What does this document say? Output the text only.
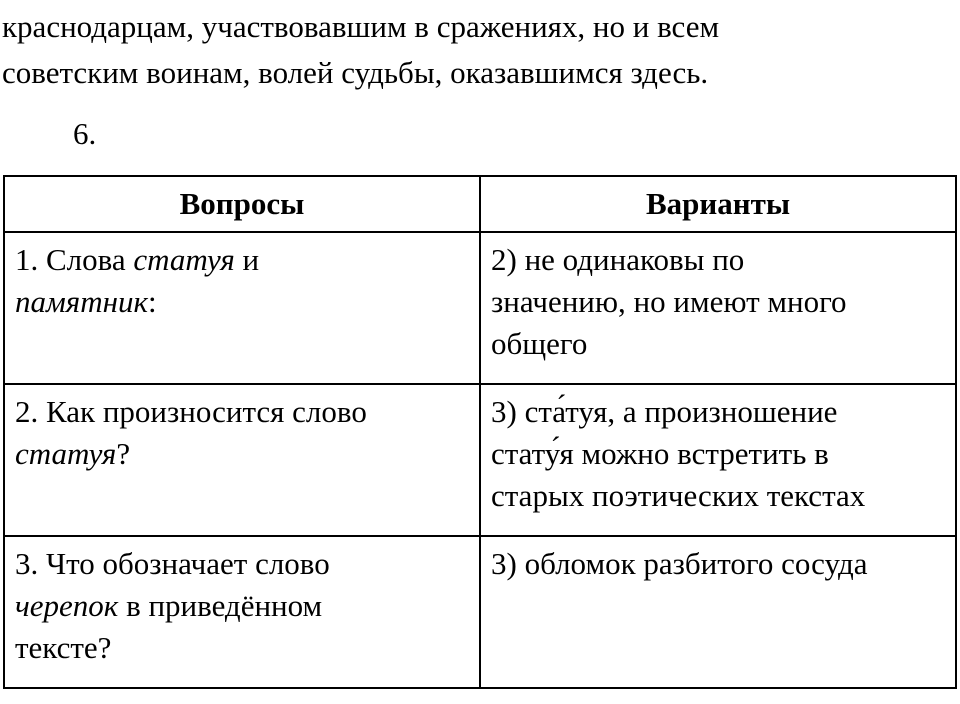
краснодарцам, участвовавшим в сражениях, но и всем
советским воинам, волей судьбы, оказавшимся здесь.

6.

Вопросы	Варианты

1. Слова статуя и
памятник:	2) не одинаковы по
значению, но имеют много
общего

2. Как произносится слово
статуя?	3) ста́туя, а произношение
стату́я можно встретить в
старых поэтических текстах

3. Что обозначает слово
черепок в приведённом
тексте?	3) обломок разбитого сосуда
